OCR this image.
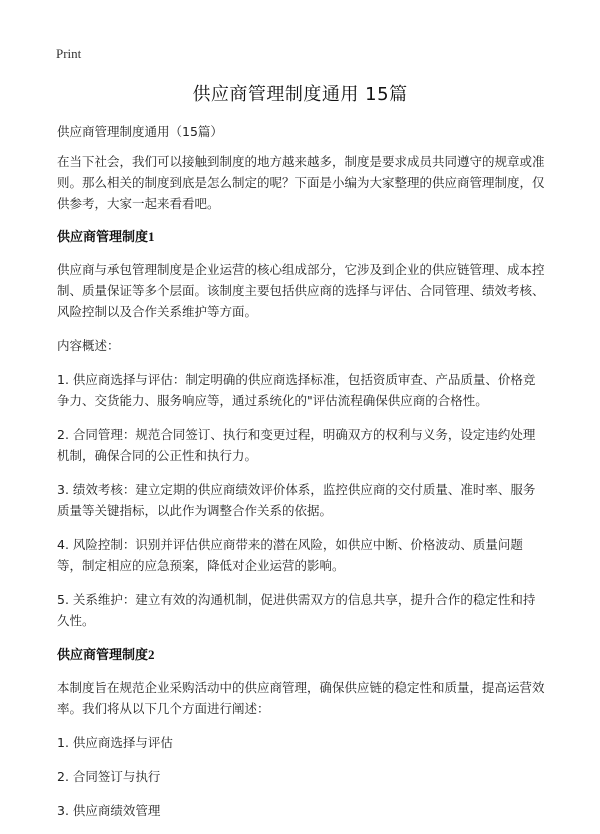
Print
供应商管理制度通用 15篇

供应商管理制度通用（15篇）

在当下社会，我们可以接触到制度的地方越来越多，制度是要求成员共同遵守的规章或准则。那么相关的制度到底是怎么制定的呢？下面是小编为大家整理的供应商管理制度，仅供参考，大家一起来看看吧。

供应商管理制度1

供应商与承包管理制度是企业运营的核心组成部分，它涉及到企业的供应链管理、成本控制、质量保证等多个层面。该制度主要包括供应商的选择与评估、合同管理、绩效考核、风险控制以及合作关系维护等方面。

内容概述：

1. 供应商选择与评估：制定明确的供应商选择标准，包括资质审查、产品质量、价格竞争力、交货能力、服务响应等，通过系统化的"评估流程确保供应商的合格性。

2. 合同管理：规范合同签订、执行和变更过程，明确双方的权利与义务，设定违约处理机制，确保合同的公正性和执行力。

3. 绩效考核：建立定期的供应商绩效评价体系，监控供应商的交付质量、准时率、服务质量等关键指标，以此作为调整合作关系的依据。

4. 风险控制：识别并评估供应商带来的潜在风险，如供应中断、价格波动、质量问题等，制定相应的应急预案，降低对企业运营的影响。

5. 关系维护：建立有效的沟通机制，促进供需双方的信息共享，提升合作的稳定性和持久性。

供应商管理制度2

本制度旨在规范企业采购活动中的供应商管理，确保供应链的稳定性和质量，提高运营效率。我们将从以下几个方面进行阐述：

1. 供应商选择与评估

2. 合同签订与执行

3. 供应商绩效管理
